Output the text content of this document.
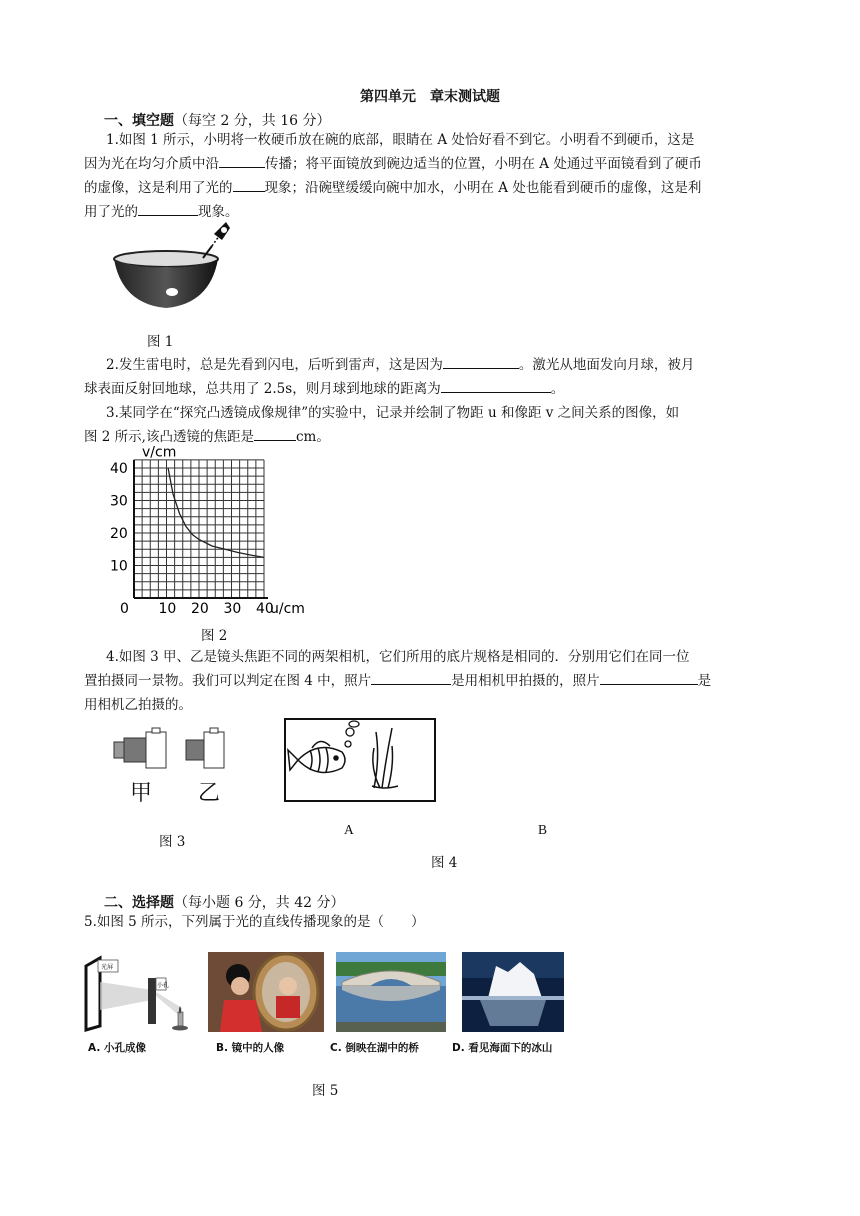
第四单元　章末测试题
一、填空题（每空 2 分，共 16 分）

1.如图 1 所示，小明将一枚硬币放在碗的底部，眼睛在 A 处恰好看不到它。小明看不到硬币，这是

因为光在均匀介质中沿	传播；将平面镜放到碗边适当的位置，小明在 A 处通过平面镜看到了硬币

的虚像，这是利用了光的 现象；沿碗壁缓缓向碗中加水，小明在 A 处也能看到硬币的虚像，这是利

用了光的	现象。

图 1

2.发生雷电时，总是先看到闪电，后听到雷声，这是因为	。激光从地面发向月球，被月

球表面反射回地球，总共用了 2.5s，则月球到地球的距离为	。

3.某同学在“探究凸透镜成像规律”的实验中，记录并绘制了物距 u 和像距 v 之间关系的图像，如

图 2 所示,该凸透镜的焦距是	cm。

0 10 20 30 40
10
20
30
40
v/cm
u/cm
图 2

4.如图 3 甲、乙是镜头焦距不同的两架相机，它们所用的底片规格是相同的．分别用它们在同一位

置拍摄同一景物。我们可以判定在图 4 中，照片	是用相机甲拍摄的，照片	是

用相机乙拍摄的。

甲 乙
图 3
A	B
图 4
二、选择题（每小题 6 分，共 42 分）

5.如图 5 所示，下列属于光的直线传播现象的是（　　）

光屏
小孔
A. 小孔成像	B. 镜中的人像	C. 倒映在湖中的桥	D. 看见海面下的冰山
图 5
